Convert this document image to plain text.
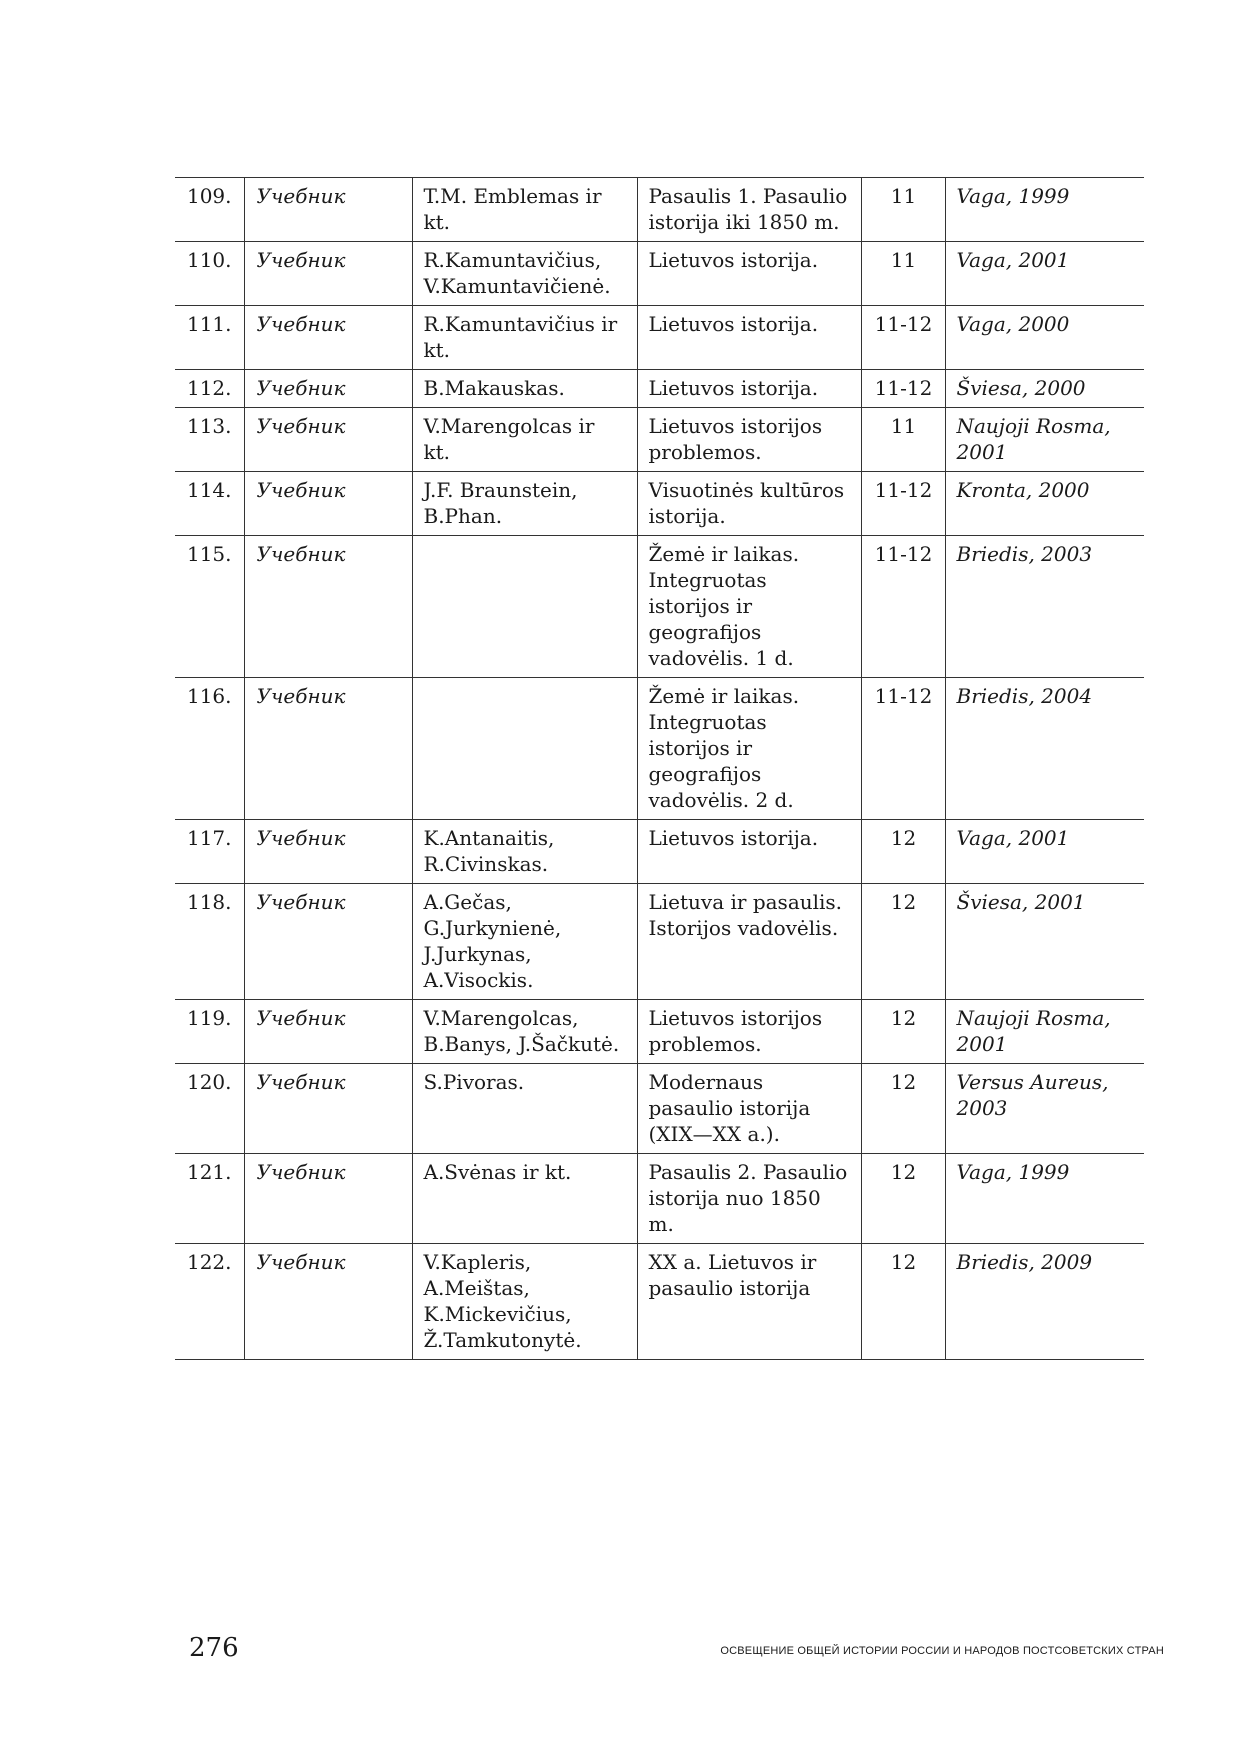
109.	Учебник	T.M. Emblemas ir kt.	Pasaulis 1. Pasaulio istorija iki 1850 m.	11	Vaga, 1999
110.	Учебник	R.Kamuntavičius, V.Kamuntavičienė.	Lietuvos istorija.	11	Vaga, 2001
111.	Учебник	R.Kamuntavičius ir kt.	Lietuvos istorija.	11-12	Vaga, 2000
112.	Учебник	B.Makauskas.	Lietuvos istorija.	11-12	Šviesa, 2000
113.	Учебник	V.Marengolcas ir kt.	Lietuvos istorijos problemos.	11	Naujoji Rosma, 2001
114.	Учебник	J.F. Braunstein, B.Phan.	Visuotinės kultūros istorija.	11-12	Kronta, 2000
115.	Учебник		Žemė ir laikas. Integruotas istorijos ir geografijos vadovėlis. 1 d.	11-12	Briedis, 2003
116.	Учебник		Žemė ir laikas. Integruotas istorijos ir geografijos vadovėlis. 2 d.	11-12	Briedis, 2004
117.	Учебник	K.Antanaitis, R.Civinskas.	Lietuvos istorija.	12	Vaga, 2001
118.	Учебник	A.Gečas, G.Jurkynienė, J.Jurkynas, A.Visockis.	Lietuva ir pasaulis. Istorijos vadovėlis.	12	Šviesa, 2001
119.	Учебник	V.Marengolcas, B.Banys, J.Šačkutė.	Lietuvos istorijos problemos.	12	Naujoji Rosma, 2001
120.	Учебник	S.Pivoras.	Modernaus pasaulio istorija (XIX—XX a.).	12	Versus Aureus, 2003
121.	Учебник	A.Svėnas ir kt.	Pasaulis 2. Pasaulio istorija nuo 1850 m.	12	Vaga, 1999
122.	Учебник	V.Kapleris, A.Meištas, K.Mickevičius, Ž.Tamkutonytė.	XX a. Lietuvos ir pasaulio istorija	12	Briedis, 2009
276	ОСВЕЩЕНИЕ ОБЩЕЙ ИСТОРИИ РОССИИ И НАРОДОВ ПОСТСОВЕТСКИХ СТРАН
